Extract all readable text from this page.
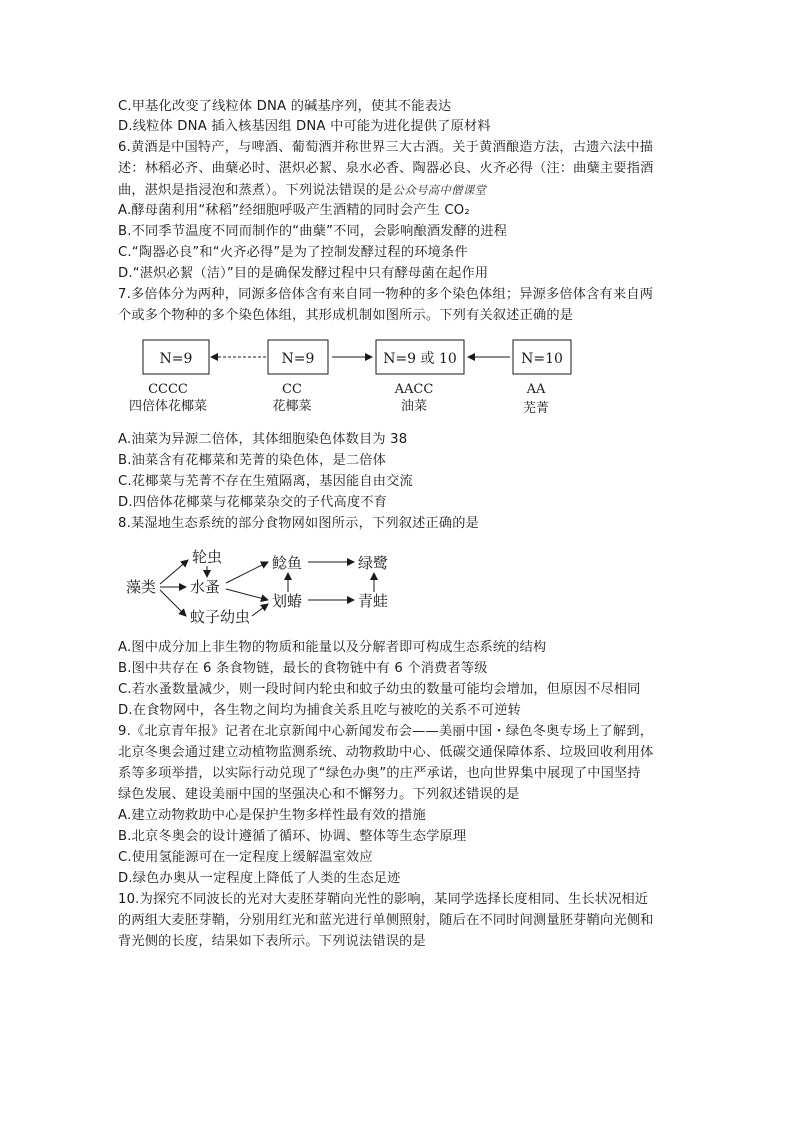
C.甲基化改变了线粒体 DNA 的碱基序列，使其不能表达
D.线粒体 DNA 插入核基因组 DNA 中可能为进化提供了原材料
6.黄酒是中国特产，与啤酒、葡萄酒并称世界三大古酒。关于黄酒酿造方法，古遗六法中描
述：林稻必齐、曲蘖必时、湛炽必絜、泉水必香、陶器必良、火齐必得（注：曲蘖主要指酒
曲，湛炽是指浸泡和蒸煮）。下列说法错误的是公众号高中僧课堂
A.酵母菌利用“秫稻”经细胞呼吸产生酒精的同时会产生 CO₂
B.不同季节温度不同而制作的“曲蘖”不同，会影响酿酒发酵的进程
C.“陶器必良”和“火齐必得”是为了控制发酵过程的环境条件
D.“湛炽必絜（洁）”目的是确保发酵过程中只有酵母菌在起作用
7.多倍体分为两种，同源多倍体含有来自同一物种的多个染色体组；异源多倍体含有来自两
个或多个物种的多个染色体组，其形成机制如图所示。下列有关叙述正确的是
N=9	N=9	N=9 或 10	N=10
CCCC	CC	AACC	AA
四倍体花椰菜	花椰菜	油菜	芜菁
A.油菜为异源二倍体，其体细胞染色体数目为 38
B.油菜含有花椰菜和芜菁的染色体，是二倍体
C.花椰菜与芜菁不存在生殖隔离，基因能自由交流
D.四倍体花椰菜与花椰菜杂交的子代高度不育
8.某湿地生态系统的部分食物网如图所示，下列叙述正确的是
藻类
轮虫
水蚤
蚊子幼虫
鲶鱼
划蝽
绿鹭
青蛙
A.图中成分加上非生物的物质和能量以及分解者即可构成生态系统的结构
B.图中共存在 6 条食物链，最长的食物链中有 6 个消费者等级
C.若水蚤数量减少，则一段时间内轮虫和蚊子幼虫的数量可能均会增加，但原因不尽相同
D.在食物网中，各生物之间均为捕食关系且吃与被吃的关系不可逆转
9.《北京青年报》记者在北京新闻中心新闻发布会——美丽中国・绿色冬奥专场上了解到，
北京冬奥会通过建立动植物监测系统、动物救助中心、低碳交通保障体系、垃圾回收利用体
系等多项举措，以实际行动兑现了“绿色办奥”的庄严承诺，也向世界集中展现了中国坚持
绿色发展、建设美丽中国的坚强决心和不懈努力。下列叙述错误的是
A.建立动物救助中心是保护生物多样性最有效的措施
B.北京冬奥会的设计遵循了循环、协调、整体等生态学原理
C.使用氢能源可在一定程度上缓解温室效应
D.绿色办奥从一定程度上降低了人类的生态足迹
10.为探究不同波长的光对大麦胚芽鞘向光性的影响，某同学选择长度相同、生长状况相近
的两组大麦胚芽鞘，分别用红光和蓝光进行单侧照射，随后在不同时间测量胚芽鞘向光侧和
背光侧的长度，结果如下表所示。下列说法错误的是
